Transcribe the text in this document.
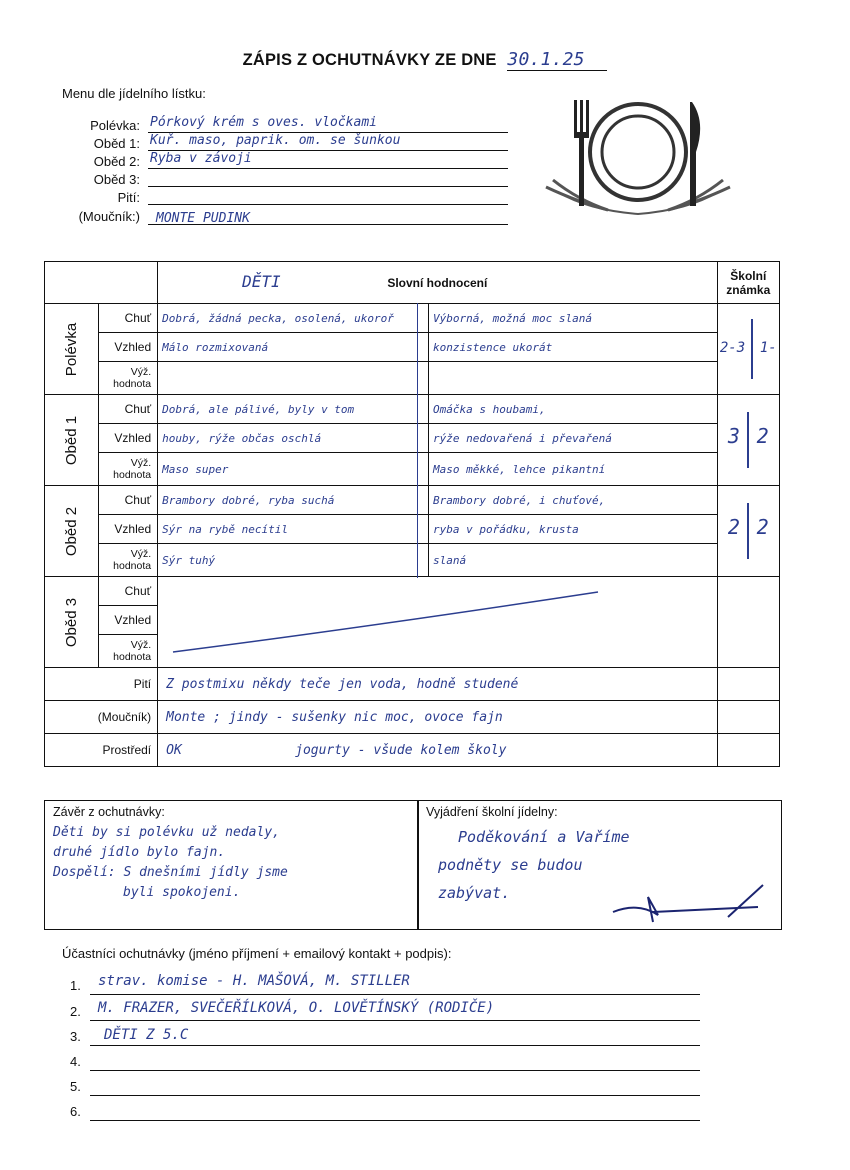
ZÁPIS Z OCHUTNÁVKY ZE DNE 30.1.25
Menu dle jídelního lístku:
Polévka: Pórkový krém s oves. vločkami
Oběd 1: Kuř. maso, paprik. om. se šunkou
Oběd 2: Ryba v závoji
Oběd 3:
Pití:
(Moučník:) MONTE PUDINK

		DĚTI Slovní hodnocení		Školní známka
Polévka	Chuť	Dobrá, žádná pecka, osolená, ukoroř	Výborná, možná moc slaná	2-3 1-
	Vzhled	Málo rozmixovaná	konzistence ukorát	
	Výž. hodnota			
Oběd 1	Chuť	Dobrá, ale pálivé, byly v tom	Omáčka s houbami,	3 2
	Vzhled	houby, rýže občas oschlá	rýže nedovařená i převařená	
	Výž. hodnota	Maso super	Maso měkké, lehce pikantní	
Oběd 2	Chuť	Brambory dobré, ryba suchá	Brambory dobré, i chuťové,	2 2
	Vzhled	Sýr na rybě necítil	ryba v pořádku, krusta	
	Výž. hodnota	Sýr tuhý	slaná	
Oběd 3	Chuť	

	Vzhled			
	Výž. hodnota			
Pití		Z postmixu někdy teče jen voda, hodně studené		
(Moučník)		Monte ; jindy - sušenky nic moc, ovoce fajn		
Prostředí		OK jogurty - všude kolem školy		
Závěr z ochutnávky:
Děti by si polévku už nedaly,
druhé jídlo bylo fajn.
Dospělí: S dnešními jídly jsme
byli spokojeni.
Vyjádření školní jídelny:
Poděkování a Vaříme
podněty se budou
zabývat.
Účastníci ochutnávky (jméno příjmení + emailový kontakt + podpis):
1. strav. komise - H. MAŠOVÁ, M. STILLER
2. M. FRAZER, SVEČEŘÍLKOVÁ, O. LOVĚTÍNSKÝ (RODIČE)
3. DĚTI Z 5.C
4.
5.
6.
